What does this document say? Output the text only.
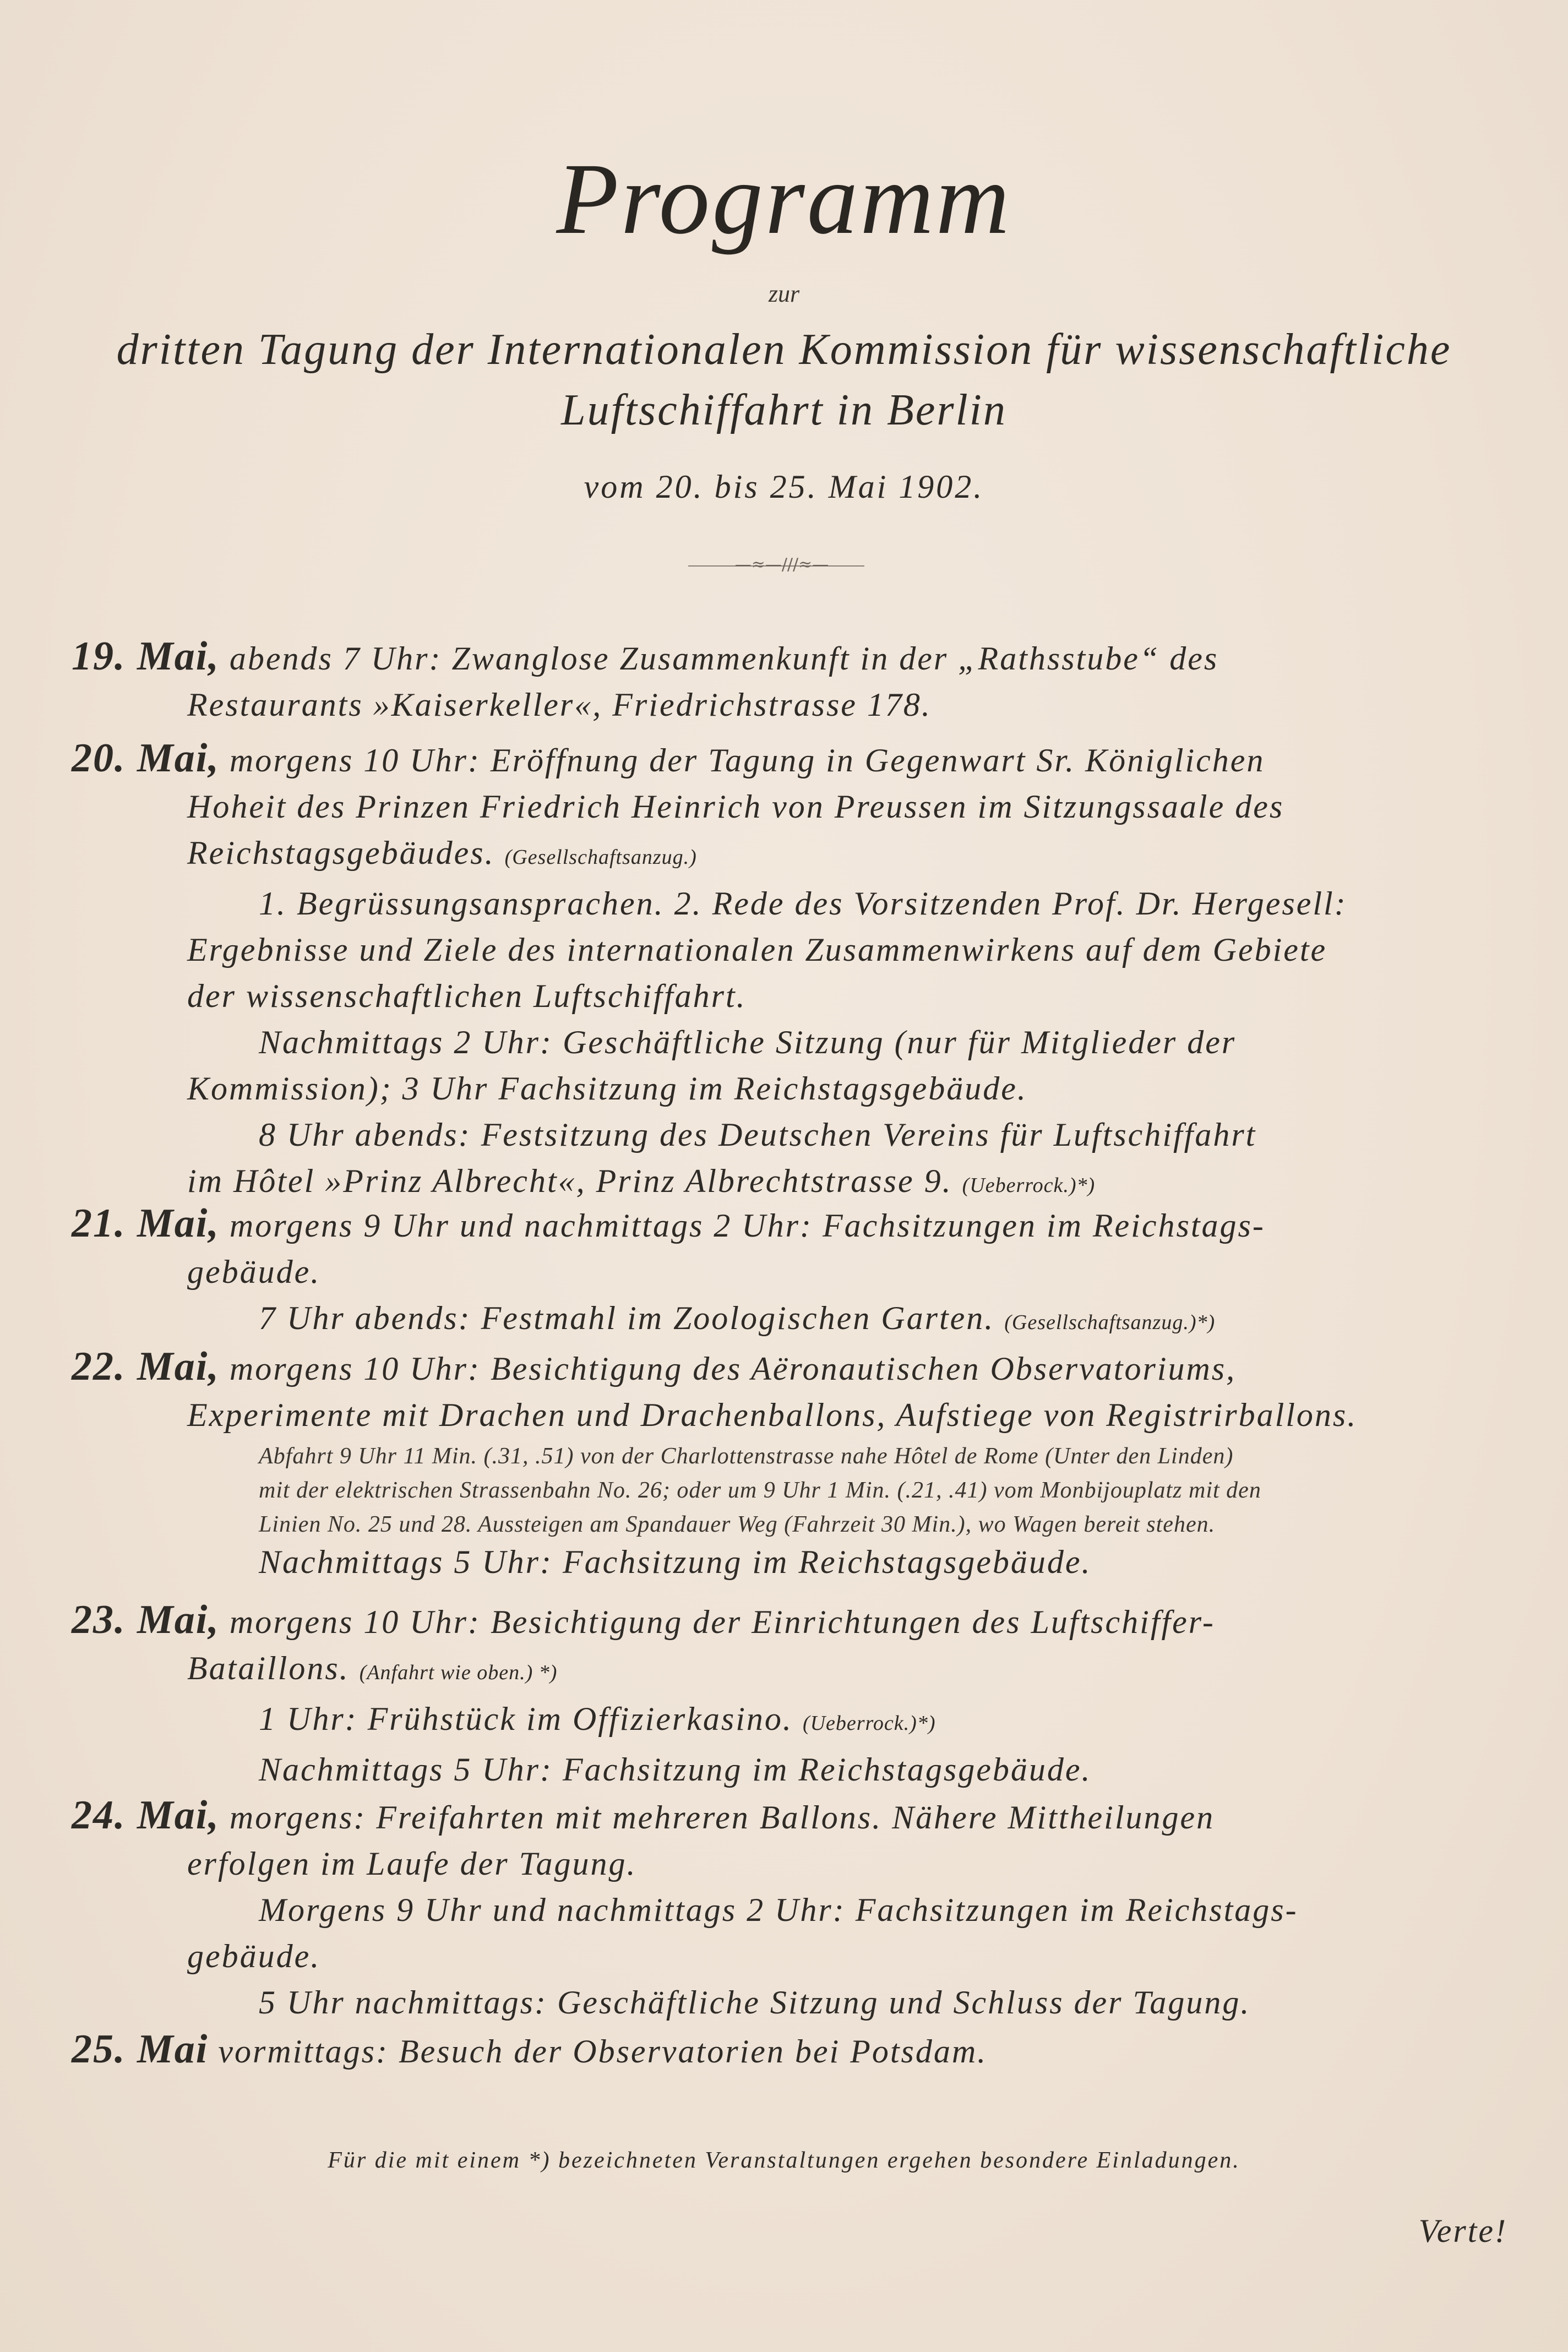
Programm
zur
dritten Tagung der Internationalen Kommission für wissenschaftliche
Luftschiffahrt in Berlin
vom 20. bis 25. Mai 1902.
19. Mai, abends 7 Uhr: Zwanglose Zusammenkunft in der „Rathsstube“ des
Restaurants »Kaiserkeller«, Friedrichstrasse 178.
20. Mai, morgens 10 Uhr: Eröffnung der Tagung in Gegenwart Sr. Königlichen
Hoheit des Prinzen Friedrich Heinrich von Preussen im Sitzungssaale des
Reichstagsgebäudes. (Gesellschaftsanzug.)
1. Begrüssungsansprachen. 2. Rede des Vorsitzenden Prof. Dr. Hergesell:
Ergebnisse und Ziele des internationalen Zusammenwirkens auf dem Gebiete
der wissenschaftlichen Luftschiffahrt.
Nachmittags 2 Uhr: Geschäftliche Sitzung (nur für Mitglieder der
Kommission); 3 Uhr Fachsitzung im Reichstagsgebäude.
8 Uhr abends: Festsitzung des Deutschen Vereins für Luftschiffahrt
im Hôtel »Prinz Albrecht«, Prinz Albrechtstrasse 9. (Ueberrock.)*)
21. Mai, morgens 9 Uhr und nachmittags 2 Uhr: Fachsitzungen im Reichstags-
gebäude.
7 Uhr abends: Festmahl im Zoologischen Garten. (Gesellschaftsanzug.)*)
22. Mai, morgens 10 Uhr: Besichtigung des Aëronautischen Observatoriums,
Experimente mit Drachen und Drachenballons, Aufstiege von Registrirballons.
Abfahrt 9 Uhr 11 Min. (.31, .51) von der Charlottenstrasse nahe Hôtel de Rome (Unter den Linden)
mit der elektrischen Strassenbahn No. 26; oder um 9 Uhr 1 Min. (.21, .41) vom Monbijouplatz mit den
Linien No. 25 und 28. Aussteigen am Spandauer Weg (Fahrzeit 30 Min.), wo Wagen bereit stehen.
Nachmittags 5 Uhr: Fachsitzung im Reichstagsgebäude.
23. Mai, morgens 10 Uhr: Besichtigung der Einrichtungen des Luftschiffer-
Bataillons. (Anfahrt wie oben.) *)
1 Uhr: Frühstück im Offizierkasino. (Ueberrock.)*)
Nachmittags 5 Uhr: Fachsitzung im Reichstagsgebäude.
24. Mai, morgens: Freifahrten mit mehreren Ballons. Nähere Mittheilungen
erfolgen im Laufe der Tagung.
Morgens 9 Uhr und nachmittags 2 Uhr: Fachsitzungen im Reichstags-
gebäude.
5 Uhr nachmittags: Geschäftliche Sitzung und Schluss der Tagung.
25. Mai vormittags: Besuch der Observatorien bei Potsdam.
Für die mit einem *) bezeichneten Veranstaltungen ergehen besondere Einladungen.
Verte!
—≈—///≈—
